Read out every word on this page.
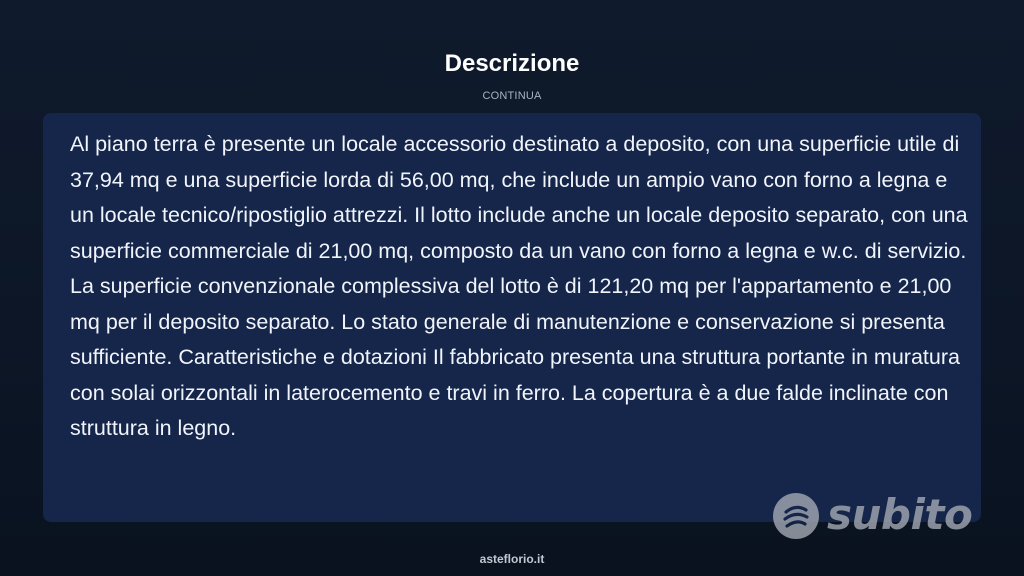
Descrizione
CONTINUA
Al piano terra è presente un locale accessorio destinato a deposito, con una superficie utile di 37,94 mq e una superficie lorda di 56,00 mq, che include un ampio vano con forno a legna e un locale tecnico/ripostiglio attrezzi. Il lotto include anche un locale deposito separato, con una superficie commerciale di 21,00 mq, composto da un vano con forno a legna e w.c. di servizio. La superficie convenzionale complessiva del lotto è di 121,20 mq per l'appartamento e 21,00 mq per il deposito separato. Lo stato generale di manutenzione e conservazione si presenta sufficiente. Caratteristiche e dotazioni Il fabbricato presenta una struttura portante in muratura con solai orizzontali in laterocemento e travi in ferro. La copertura è a due falde inclinate con struttura in legno.
subito
asteflorio.it
